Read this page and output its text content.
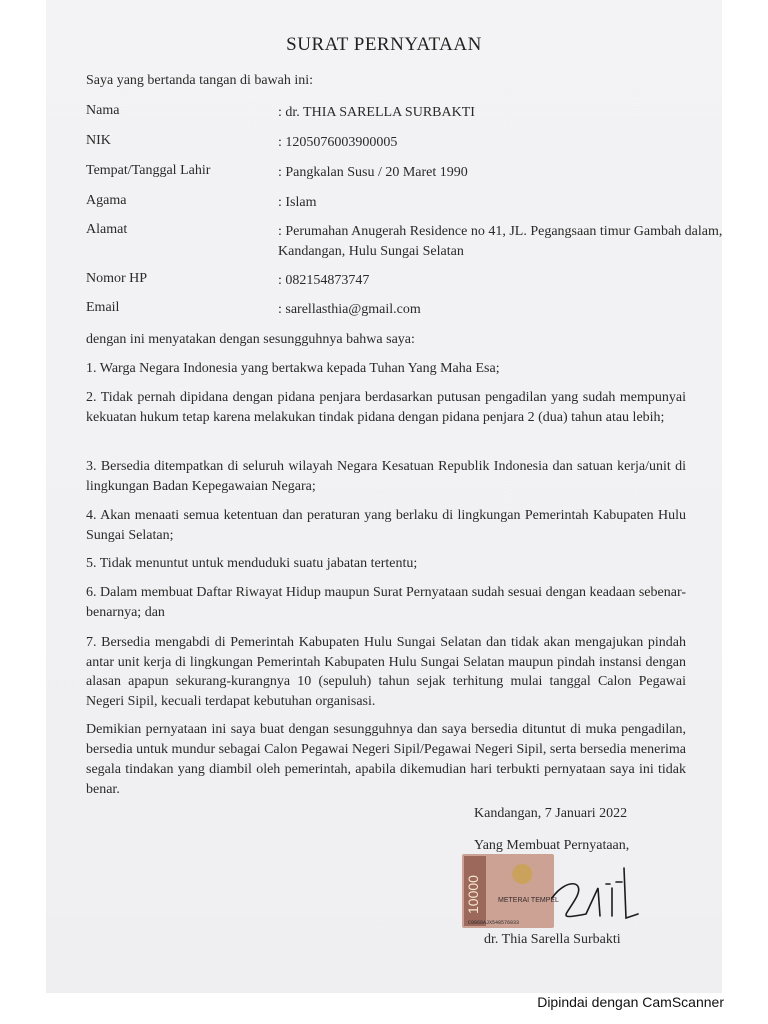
SURAT PERNYATAAN
Saya yang bertanda tangan di bawah ini:
Nama	: dr. THIA SARELLA SURBAKTI
NIK	: 1205076003900005
Tempat/Tanggal Lahir	: Pangkalan Susu / 20 Maret 1990
Agama	: Islam
Alamat	: Perumahan Anugerah Residence no 41, JL. Pegangsaan timur Gambah dalam, Kandangan, Hulu Sungai Selatan
Nomor HP	: 082154873747
Email	: sarellasthia@gmail.com
dengan ini menyatakan dengan sesungguhnya bahwa saya:
1. Warga Negara Indonesia yang bertakwa kepada Tuhan Yang Maha Esa;
2. Tidak pernah dipidana dengan pidana penjara berdasarkan putusan pengadilan yang sudah mempunyai kekuatan hukum tetap karena melakukan tindak pidana dengan pidana penjara 2 (dua) tahun atau lebih;
3. Bersedia ditempatkan di seluruh wilayah Negara Kesatuan Republik Indonesia dan satuan kerja/unit di lingkungan Badan Kepegawaian Negara;
4. Akan menaati semua ketentuan dan peraturan yang berlaku di lingkungan Pemerintah Kabupaten Hulu Sungai Selatan;
5. Tidak menuntut untuk menduduki suatu jabatan tertentu;
6. Dalam membuat Daftar Riwayat Hidup maupun Surat Pernyataan sudah sesuai dengan keadaan sebenar-benarnya; dan
7. Bersedia mengabdi di Pemerintah Kabupaten Hulu Sungai Selatan dan tidak akan mengajukan pindah antar unit kerja di lingkungan Pemerintah Kabupaten Hulu Sungai Selatan maupun pindah instansi dengan alasan apapun sekurang-kurangnya 10 (sepuluh) tahun sejak terhitung mulai tanggal Calon Pegawai Negeri Sipil, kecuali terdapat kebutuhan organisasi.
Demikian pernyataan ini saya buat dengan sesungguhnya dan saya bersedia dituntut di muka pengadilan, bersedia untuk mundur sebagai Calon Pegawai Negeri Sipil/Pegawai Negeri Sipil, serta bersedia menerima segala tindakan yang diambil oleh pemerintah, apabila dikemudian hari terbukti pernyataan saya ini tidak benar.
Kandangan, 7 Januari 2022
Yang Membuat Pernyataan,
10000 METERAI TEMPEL
C0868AJX548576033
dr. Thia Sarella Surbakti
Dipindai dengan CamScanner
